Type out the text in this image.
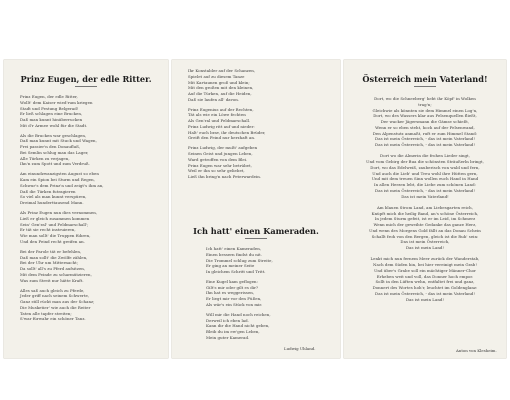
Prinz Eugen, der edle Ritter.
Prinz Eugen, der edle Ritter,
Wollt' dem Kaiser wied'rum kriegen
Stadt und Festung Belgerad!
Er ließ schlagen eine Brucken,
Daß man kunnt hinüberrucken
Mit d'r Armee wohl für die Stadt.
Als die Brucken war geschlagen,
Daß man kunnt mit Stuck und Wagen,
Frei passier'n den Donaufluß,
Bei Semlin schlug man das Lager,
Alle Türken zu verjagen,
Ihn'n zum Spott und zum Verdruß.
Am einundzwanzigsten August so eben
Kam ein Spion bei Sturm und Regen,
Schwur's dem Prinz'n und zeigt's ihm an,
Daß die Türken futragieren
So viel als man kunnt verspüren,
Dreimal hunderttausend Mann.
Als Prinz Eugen nun dies vernommen,
Ließ er gleich zusammen kommen
Sein' Gen'ral' und Feldmarschall';
Er tät sie recht instruieren,
Wie man sollt' die Truppen führen,
Und den Feind recht greifen an.
Bei der Parole tät er befehlen,
Daß man sollt' die Zwölfe zählen,
Bei der Uhr um Mitternacht;
Da sollt' all's zu Pferd aufsitzen,
Mit dem Feinde zu scharmützieren,
Was zum Streit nur hätte Kraft.
Alles saß auch gleich zu Pferde,
Jeder griff nach seinem Schwerte,
Ganz still rückt man aus der Schanz;
Die Musketier' wie auch die Reiter
Taten alle tapfer streiten;
S'war fürwahr ein schöner Tanz.
Ihr Konstabler auf der Schanzen,
Spielet auf zu diesem Tanze
Mit Kartaunen groß und klein;
Mit den großen mit den kleinen,
Auf die Türken, auf die Heiden,
Daß sie laufen all' davon.
Prinz Eugenius auf der Rechten,
Tät als wie ein Löwe fechten
Als Gen'ral und Feldmarschall.
Prinz Ludwig ritt auf und nieder:
Halt' euch brav, ihr deutschen Brüder,
Greift den Feind nur herzhaft an.
Prinz Ludwig, der mußt' aufgeben
Seinen Geist und jungen Leben,
Ward getroffen von dem Blei.
Prinz Eugen war sehr betrübet,
Weil er ihn so sehr geliebet,
Ließ ihn bring'n nach Peterwardein.
Ich hatt' einen Kameraden.
Ich hatt' einen Kameraden,
Einen bessern findst du nit.
Die Trommel schlug zum Streite,
Er ging an meiner Seite
In gleichem Schritt und Tritt.
Eine Kugel kam geflogen:
Gilt's mir oder gilt es dir?
Ihn hat es weggerissen,
Er liegt mir vor den Füßen,
Als wär's ein Stück von mir.
Will mir die Hand noch reichen,
Derweil ich eben lad.
Kann dir die Hand nicht geben,
Bleib du im ew'gen Leben,
Mein guter Kamerad.
Ludwig Uhland.
Österreich mein Vaterland!
Dort, wo die Schneeberg' hebt ihr Köpf' in Wolken
trag'n;
Gleichwie als könnten sie dem Himmel einen Log'n,
Dort, wo des Wassers klar aus Felsenquellen fließt,
Der wacker Jägersmann die Gämse schießt,
Wenn er so eben steht, hoch auf der Felsenwand,
Den Alpenstutz anmaßt, ruft er zum Himmel Stand:
Das ist mein Österreich, - das ist mein Vaterland!
Das ist mein Österreich, - das ist mein Vaterland!
Dort wo die Almerin die frohen Lieder singt,
Und vom Gebirg der Bua die schönsten Sträußerln bringt,
Dort, wo das Edelweiß, zauberisch von wald und fern,
Und auch die Lieb' und Treu wohl ihre Hütten gern,
Und mit dem treuen Sinn wollen euch Hand in Hand
In allen Herzen lebt, die Liebe zum schönen Land:
Das ist mein Österreich, - das ist mein Vaterland!
Das ist mein Vaterland!
Am blauen Strom Land, am Liebesgarten reich,
Knüpft mich die heilig Band, an's schöne Österreich,
In jedem Sturm gefeit, ist er im Leid, im Schmerz
Wenn mich der geweihte Gedanke das ganze Herz,
Und wenn des Morgens Gold fällt an das Donau Schein
Schallt froh von den Bergen, gleich ist die Ruh' sein:
Das ist mein Österreich,
Das ist mein Land!
Lenkt mich nun fernem Meer zurück der Wanderstab,
Nach dem Süden hin, bei hier vereinigt mein Grab!
Und über's Grabe soll ein mächtiger Männer-Chor
Erheben weit und voll, das Donner hoch empor.
Sollt in den Lüften wehn, entfaltet frei und ganz,
Donnert des Wortes hoh'r, leuchtet im Goldenglanz:
Das ist mein Österreich, - das ist mein Vaterland!
Das ist mein Land!
Anton von Klesheim.
